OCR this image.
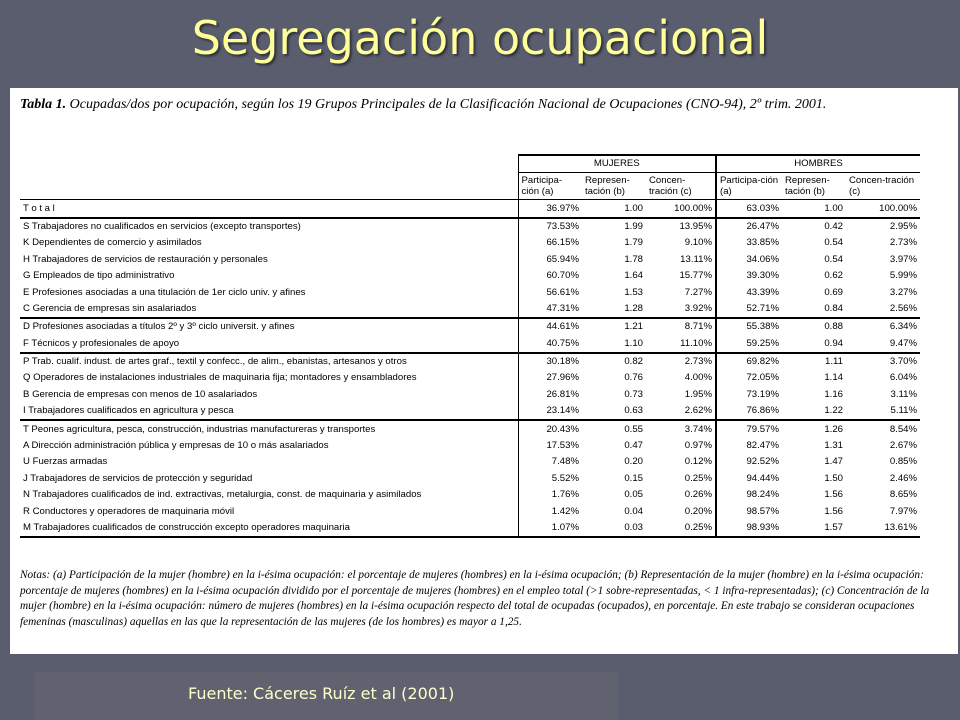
Segregación ocupacional
Tabla 1. Ocupadas/dos por ocupación, según los 19 Grupos Principales de la Clasificación Nacional de Ocupaciones (CNO-94), 2º trim. 2001.
	MUJERES			HOMBRES		
	Participa-ción (a)	Represen-tación (b)	Concen-tración (c)	Participa-ción (a)	Represen-tación (b)	Concen-tración (c)
T o t a l	36.97%	1.00	100.00%	63.03%	1.00	100.00%
S Trabajadores no cualificados en servicios (excepto transportes)	73.53%	1.99	13.95%	26.47%	0.42	2.95%
K Dependientes de comercio y asimilados	66.15%	1.79	9.10%	33.85%	0.54	2.73%
H Trabajadores de servicios de restauración y personales	65.94%	1.78	13.11%	34.06%	0.54	3.97%
G Empleados de tipo administrativo	60.70%	1.64	15.77%	39.30%	0.62	5.99%
E Profesiones asociadas a una titulación de 1er ciclo univ. y afines	56.61%	1.53	7.27%	43.39%	0.69	3.27%
C Gerencia de empresas sin asalariados	47.31%	1.28	3.92%	52.71%	0.84	2.56%
D Profesiones asociadas a títulos 2º y 3º ciclo universit. y afines	44.61%	1.21	8.71%	55.38%	0.88	6.34%
F Técnicos y profesionales de apoyo	40.75%	1.10	11.10%	59.25%	0.94	9.47%
P Trab. cualif. indust. de artes graf., textil y confecc., de alim., ebanistas, artesanos y otros	30.18%	0.82	2.73%	69.82%	1.11	3.70%
Q Operadores de instalaciones industriales de maquinaria fija; montadores y ensambladores	27.96%	0.76	4.00%	72.05%	1.14	6.04%
B Gerencia de empresas con menos de 10 asalariados	26.81%	0.73	1.95%	73.19%	1.16	3.11%
I Trabajadores cualificados en agricultura y pesca	23.14%	0.63	2.62%	76.86%	1.22	5.11%
T Peones agricultura, pesca, construcción, industrias manufactureras y transportes	20.43%	0.55	3.74%	79.57%	1.26	8.54%
A Dirección administración pública y empresas de 10 o más asalariados	17.53%	0.47	0.97%	82.47%	1.31	2.67%
U Fuerzas armadas	7.48%	0.20	0.12%	92.52%	1.47	0.85%
J Trabajadores de servicios de protección y seguridad	5.52%	0.15	0.25%	94.44%	1.50	2.46%
N Trabajadores cualificados de ind. extractivas, metalurgia, const. de maquinaria y asimilados	1.76%	0.05	0.26%	98.24%	1.56	8.65%
R Conductores y operadores de maquinaria móvil	1.42%	0.04	0.20%	98.57%	1.56	7.97%
M Trabajadores cualificados de construcción excepto operadores maquinaria	1.07%	0.03	0.25%	98.93%	1.57	13.61%
Notas: (a) Participación de la mujer (hombre) en la i-ésima ocupación: el porcentaje de mujeres (hombres) en la i-ésima ocupación; (b) Representación de la mujer (hombre) en la i-ésima ocupación: porcentaje de mujeres (hombres) en la i-ésima ocupación dividido por el porcentaje de mujeres (hombres) en el empleo total (>1 sobre-representadas, < 1 infra-representadas); (c) Concentración de la mujer (hombre) en la i-ésima ocupación: número de mujeres (hombres) en la i-ésima ocupación respecto del total de ocupadas (ocupados), en porcentaje. En este trabajo se consideran ocupaciones femeninas (masculinas) aquellas en las que la representación de las mujeres (de los hombres) es mayor a 1,25.
Fuente: Cáceres Ruíz et al (2001)
